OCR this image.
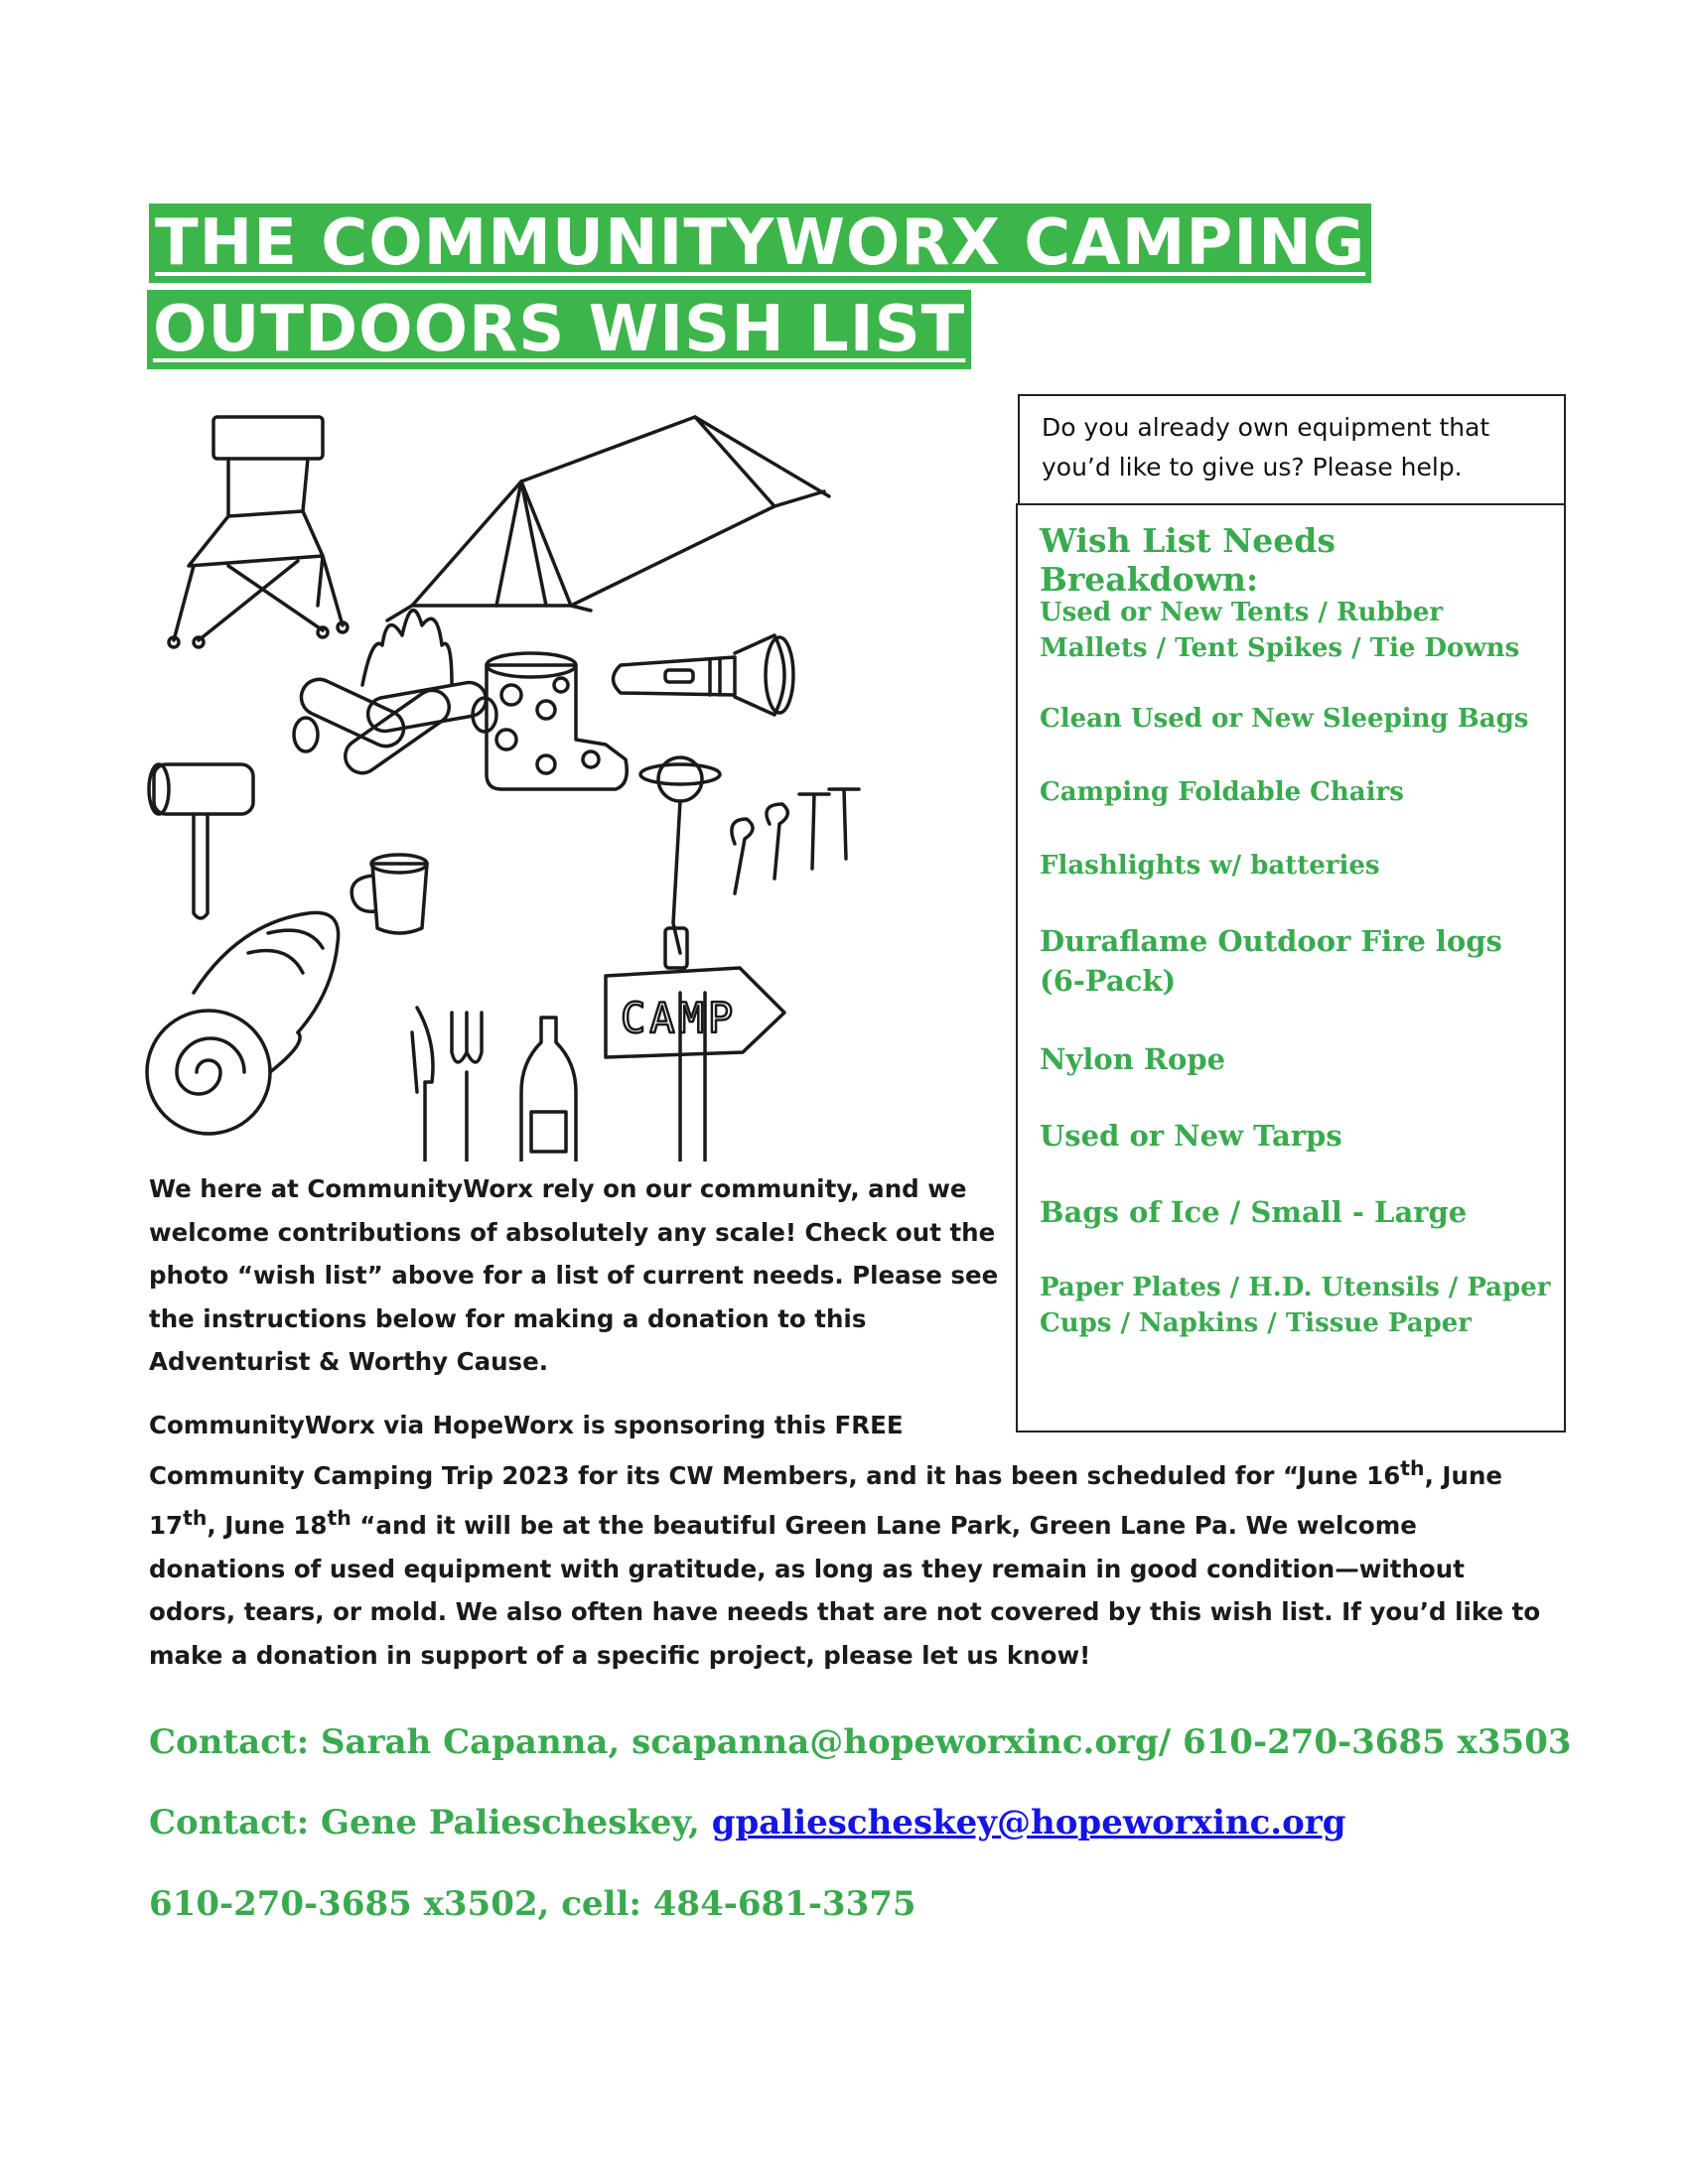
THE COMMUNITYWORX CAMPING
OUTDOORS WISH LIST
Do you already own equipment that you’d like to give us? Please help.
Wish List Needs Breakdown:
Used or New Tents / Rubber Mallets / Tent Spikes / Tie Downs
Clean Used or New Sleeping Bags
Camping Foldable Chairs
Flashlights w/ batteries
Duraflame Outdoor Fire logs (6-Pack)
Nylon Rope
Used or New Tarps
Bags of Ice / Small - Large
Paper Plates / H.D. Utensils / Paper Cups / Napkins / Tissue Paper
CAMP
We here at CommunityWorx rely on our community, and we welcome contributions of absolutely any scale! Check out the photo “wish list” above for a list of current needs. Please see the instructions below for making a donation to this Adventurist & Worthy Cause.
CommunityWorx via HopeWorx is sponsoring this FREE
Community Camping Trip 2023 for its CW Members, and it has been scheduled for “June 16th, June 17th, June 18th “and it will be at the beautiful Green Lane Park, Green Lane Pa. We welcome donations of used equipment with gratitude, as long as they remain in good condition—without odors, tears, or mold. We also often have needs that are not covered by this wish list. If you’d like to make a donation in support of a specific project, please let us know!
Contact: Sarah Capanna, scapanna@hopeworxinc.org/ 610-270-3685 x3503
Contact: Gene Paliescheskey, gpaliescheskey@hopeworxinc.org
610-270-3685 x3502, cell: 484-681-3375
